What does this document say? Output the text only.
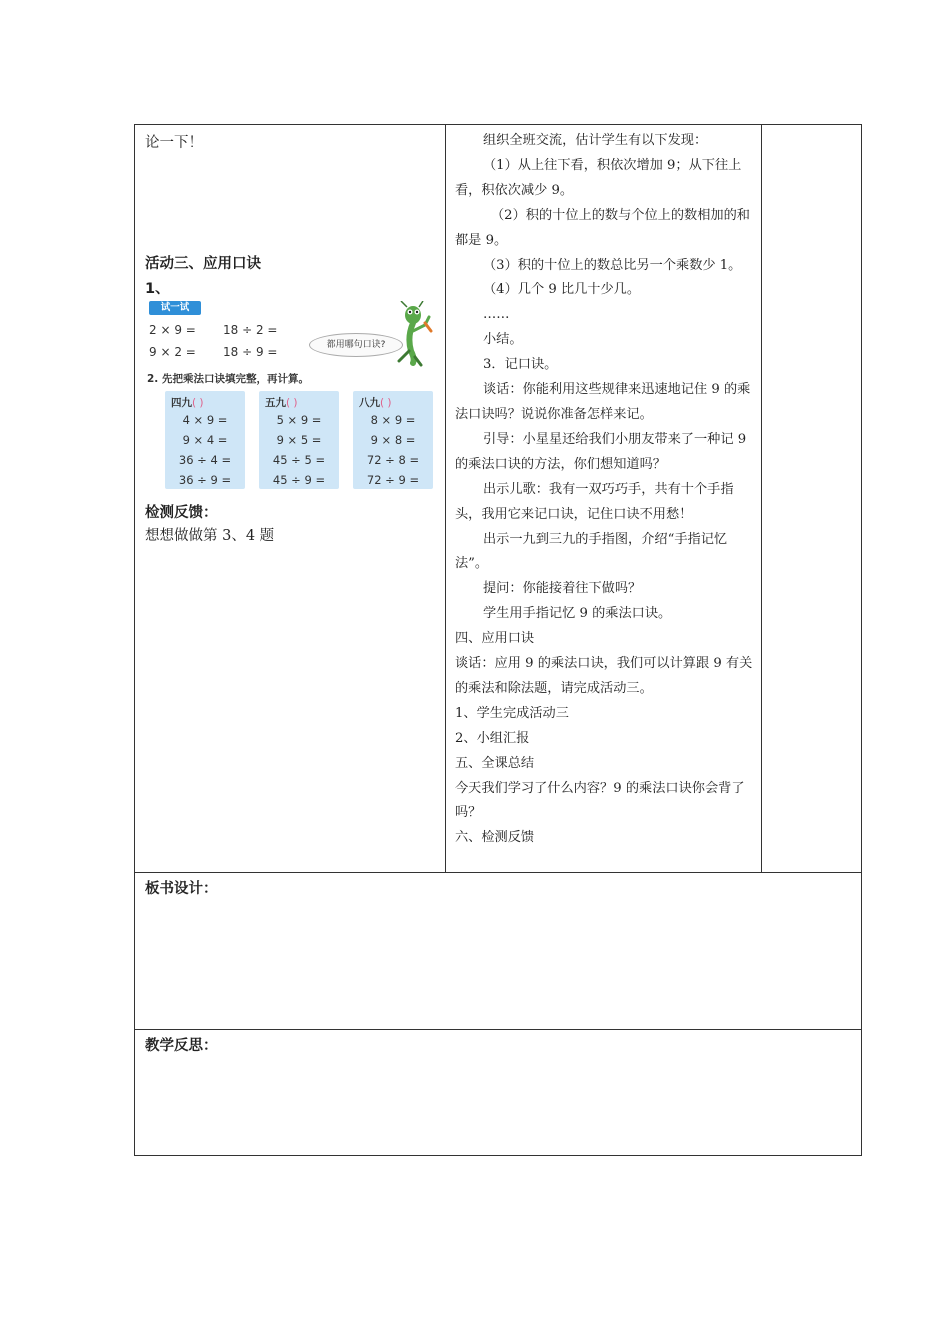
论一下！
活动三、应用口诀
1、
试一试
2 × 9 = 18 ÷ 2 =
9 × 2 = 18 ÷ 9 =	都用哪句口诀?
2. 先把乘法口诀填完整，再计算。
四九( )
4 × 9 =
9 × 4 =
36 ÷ 4 =
36 ÷ 9 =
五九( )
5 × 9 =
9 × 5 =
45 ÷ 5 =
45 ÷ 9 =
八九( )
8 × 9 =
9 × 8 =
72 ÷ 8 =
72 ÷ 9 =
检测反馈：
想想做做第 3、4 题

组织全班交流，估计学生有以下发现：

（1）从上往下看，积依次增加 9；从下往上看，积依次减少 9。

（2）积的十位上的数与个位上的数相加的和都是 9。

（3）积的十位上的数总比另一个乘数少 1。

（4）几个 9 比几十少几。

……

小结。

3．记口诀。

谈话：你能利用这些规律来迅速地记住 9 的乘法口诀吗？说说你准备怎样来记。

引导：小星星还给我们小朋友带来了一种记 9 的乘法口诀的方法，你们想知道吗？

出示儿歌：我有一双巧巧手，共有十个手指头，我用它来记口诀，记住口诀不用愁！

出示一九到三九的手指图，介绍“手指记忆法”。

提问：你能接着往下做吗？

学生用手指记忆 9 的乘法口诀。

四、应用口诀

谈话：应用 9 的乘法口诀，我们可以计算跟 9 有关的乘法和除法题，请完成活动三。

1、学生完成活动三

2、小组汇报

五、全课总结

今天我们学习了什么内容？9 的乘法口诀你会背了吗？

六、检测反馈

板书设计：
教学反思：
